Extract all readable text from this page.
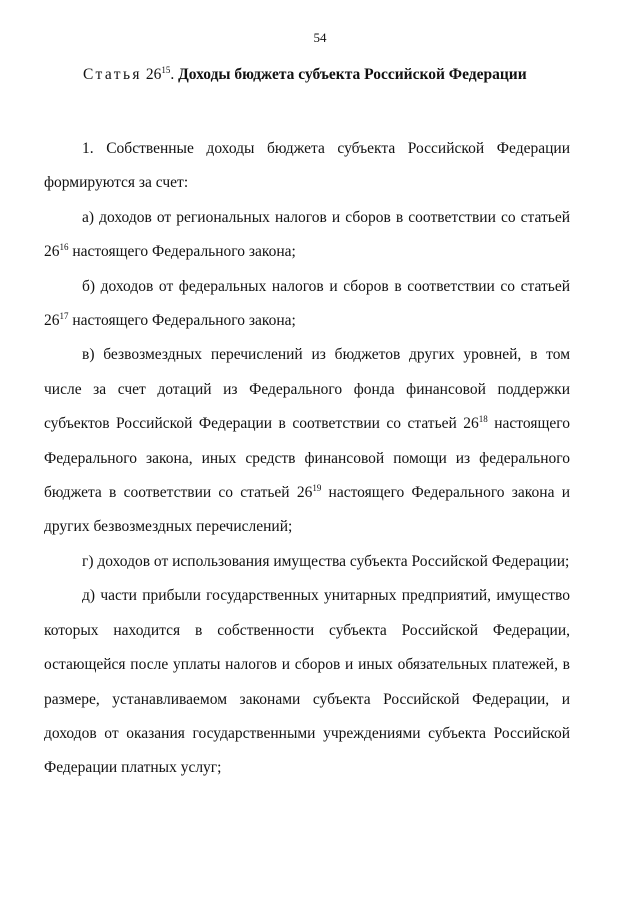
54
Статья $26^{15}$. Доходы бюджета субъекта Российской Федерации

1. Собственные доходы бюджета субъекта Российской Федерации формируются за счет:

а) доходов от региональных налогов и сборов в соответствии со статьей $26^{16}$ настоящего Федерального закона;

б) доходов от федеральных налогов и сборов в соответствии со статьей $26^{17}$ настоящего Федерального закона;

в) безвозмездных перечислений из бюджетов других уровней, в том числе за счет дотаций из Федерального фонда финансовой поддержки субъектов Российской Федерации в соответствии со статьей $26^{18}$ настоящего Федерального закона, иных средств финансовой помощи из федерального бюджета в соответствии со статьей $26^{19}$ настоящего Федерального закона и других безвозмездных перечислений;

г) доходов от использования имущества субъекта Российской Федерации;

д) части прибыли государственных унитарных предприятий, имущество которых находится в собственности субъекта Российской Федерации, остающейся после уплаты налогов и сборов и иных обязательных платежей, в размере, устанавливаемом законами субъекта Российской Федерации, и доходов от оказания государственными учреждениями субъекта Российской Федерации платных услуг;
